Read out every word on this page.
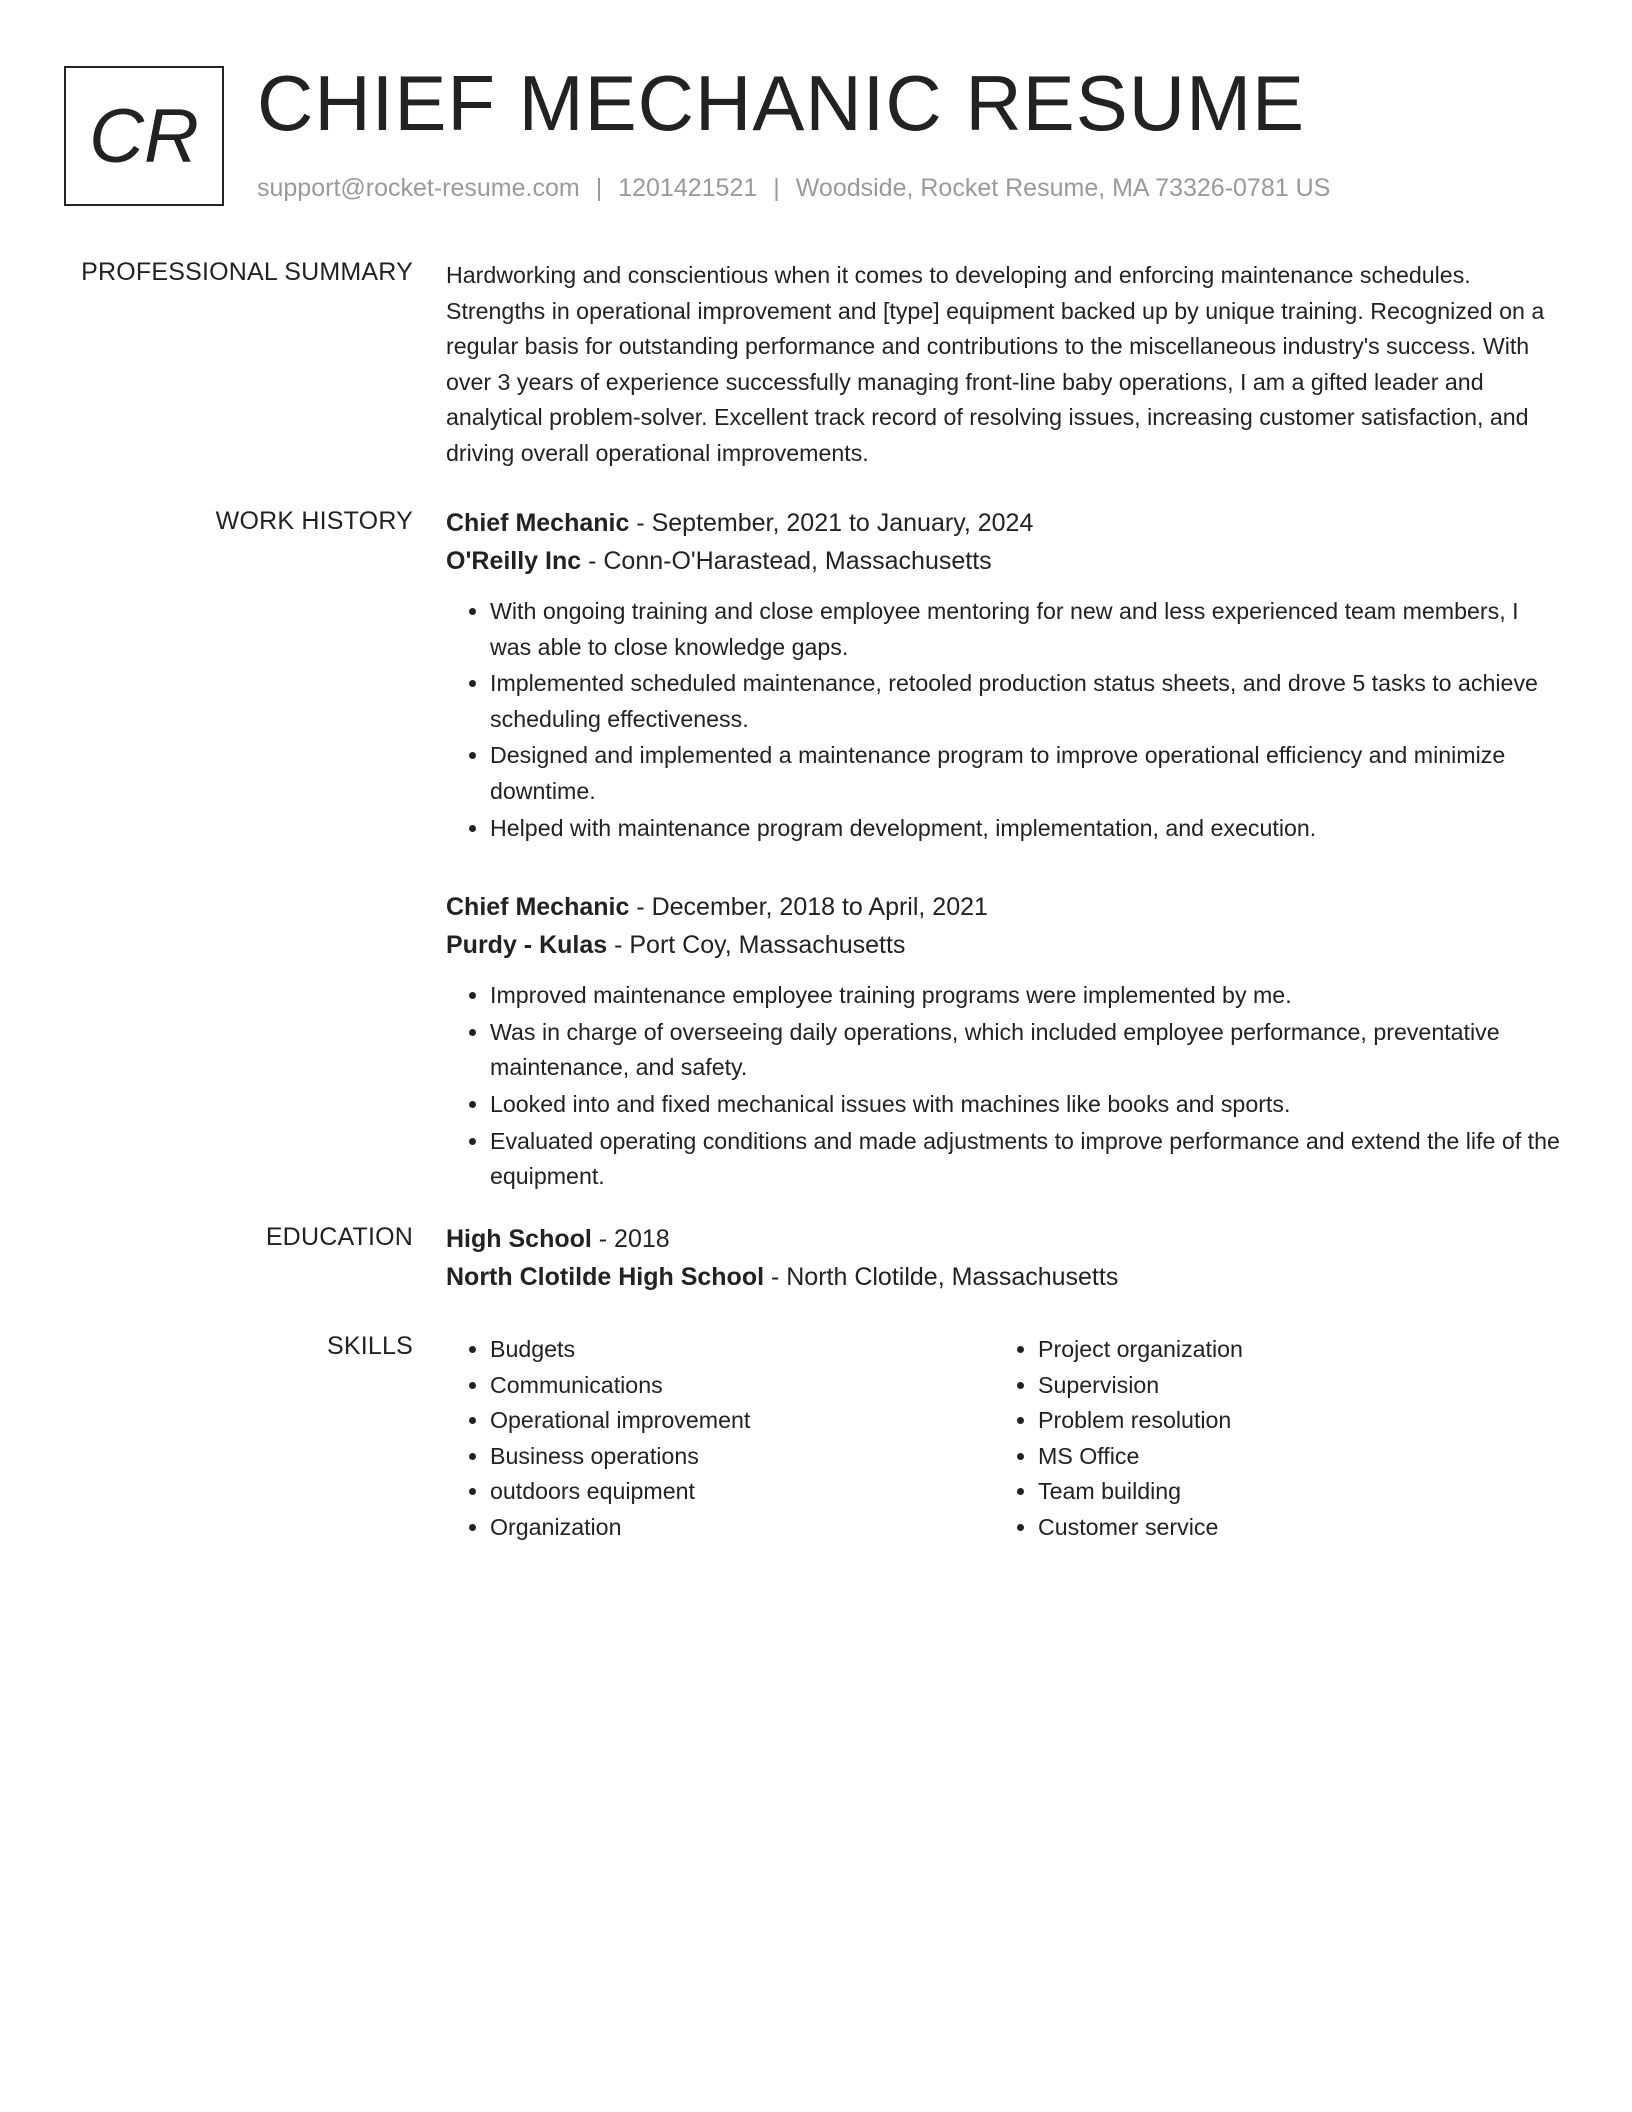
CR CHIEF MECHANIC RESUME
support@rocket-resume.com | 1201421521 | Woodside, Rocket Resume, MA 73326-0781 US
PROFESSIONAL SUMMARY Hardworking and conscientious when it comes to developing and enforcing maintenance schedules. Strengths in operational improvement and [type] equipment backed up by unique training. Recognized on a regular basis for outstanding performance and contributions to the miscellaneous industry's success. With over 3 years of experience successfully managing front-line baby operations, I am a gifted leader and analytical problem-solver. Excellent track record of resolving issues, increasing customer satisfaction, and driving overall operational improvements.

WORK HISTORY Chief Mechanic - September, 2021 to January, 2024
O'Reilly Inc - Conn-O'Harastead, Massachusetts
• With ongoing training and close employee mentoring for new and less experienced team members, I was able to close knowledge gaps.
• Implemented scheduled maintenance, retooled production status sheets, and drove 5 tasks to achieve scheduling effectiveness.
• Designed and implemented a maintenance program to improve operational efficiency and minimize downtime.
• Helped with maintenance program development, implementation, and execution.
Chief Mechanic - December, 2018 to April, 2021
Purdy - Kulas - Port Coy, Massachusetts
• Improved maintenance employee training programs were implemented by me.
• Was in charge of overseeing daily operations, which included employee performance, preventative maintenance, and safety.
• Looked into and fixed mechanical issues with machines like books and sports.
• Evaluated operating conditions and made adjustments to improve performance and extend the life of the equipment.
EDUCATION High School - 2018
North Clotilde High School - North Clotilde, Massachusetts
SKILLS
•	Budgets
• Communications
• Operational improvement
• Business operations
• outdoors equipment
• Organization
• Project organization
• Supervision
• Problem resolution
• MS Office
• Team building
• Customer service
